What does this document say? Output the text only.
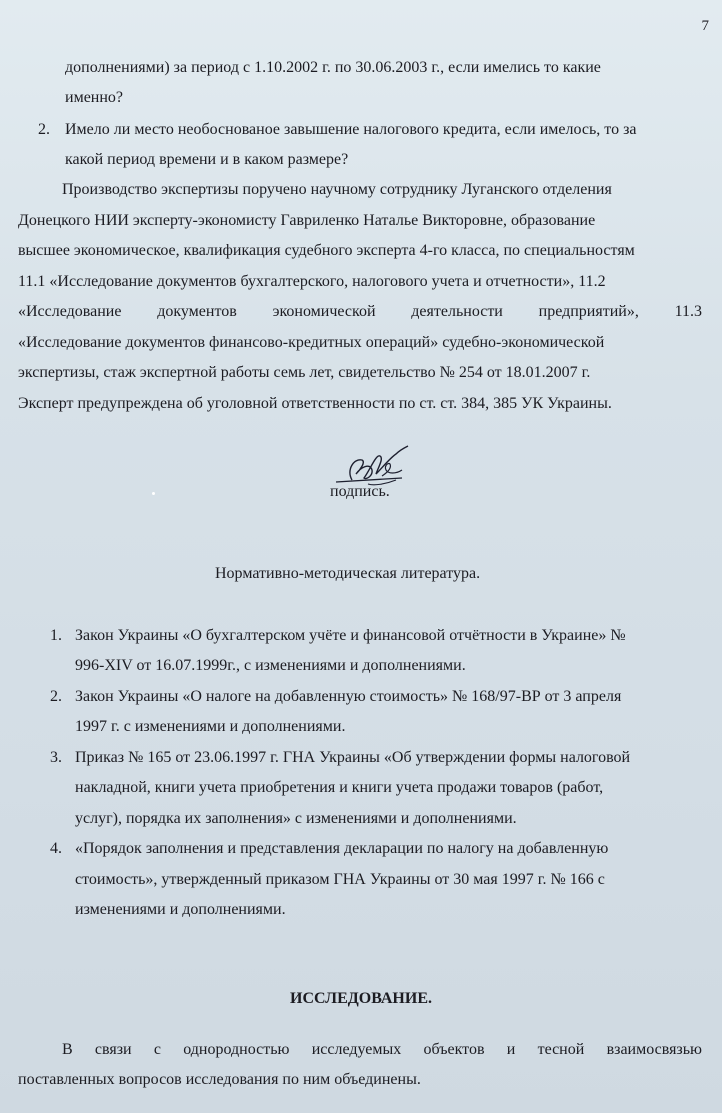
7
дополнениями) за период с 1.10.2002 г. по 30.06.2003 г., если имелись то какие
именно?
2. Имело ли место необоснованое завышение налогового кредита, если имелось, то за
какой период времени и в каком размере?
Производство экспертизы поручено научному сотруднику Луганского отделения
Донецкого НИИ эксперту-экономисту Гавриленко Наталье Викторовне, образование
высшее экономическое, квалификация судебного эксперта 4-го класса, по специальностям
11.1 «Исследование документов бухгалтерского, налогового учета и отчетности», 11.2
«Исследование документов экономической деятельности предприятий», 11.3
«Исследование документов финансово-кредитных операций» судебно-экономической
экспертизы, стаж экспертной работы семь лет, свидетельство № 254 от 18.01.2007 г.
Эксперт предупреждена об уголовной ответственности по ст. ст. 384, 385 УК Украины.
подпись.
Нормативно-методическая литература.
1. Закон Украины «О бухгалтерском учёте и финансовой отчётности в Украине» №
996-XIV от 16.07.1999г., с изменениями и дополнениями.
2. Закон Украины «О налоге на добавленную стоимость» № 168/97-ВР от 3 апреля
1997 г. с изменениями и дополнениями.
3. Приказ № 165 от 23.06.1997 г. ГНА Украины «Об утверждении формы налоговой
накладной, книги учета приобретения и книги учета продажи товаров (работ,
услуг), порядка их заполнения» с изменениями и дополнениями.
4. «Порядок заполнения и представления декларации по налогу на добавленную
стоимость», утвержденный приказом ГНА Украины от 30 мая 1997 г. № 166 с
изменениями и дополнениями.
ИССЛЕДОВАНИЕ.
В связи с однородностью исследуемых объектов и тесной взаимосвязью
поставленных вопросов исследования по ним объединены.
